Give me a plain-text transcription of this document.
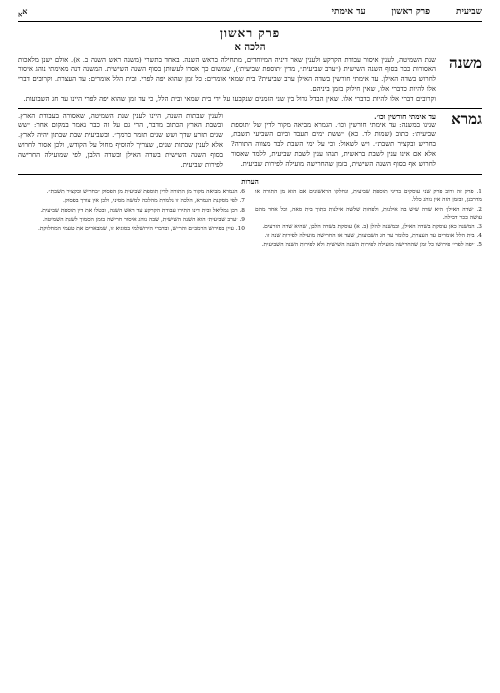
שביעית
פרק ראשון
עד אימתי
א$_א$
פרק ראשון
הלכה א
משנה

שנת השמיטה, לענין איסור עבודת הקרקע ולענין שאר דיניה המיוחדים, מתחילה בראש השנה. באחד בתשרי (משנה ראש השנה ב. א). אולם ישנן מלאכות האסורות כבר בסוף השנה השישית (״ערב שביעית״, מדין ׳תוספת שביעית׳), שמשום כך אסרו לעשותן בסוף השנה השישית. המשנה דנה מאימתי נוהג איסור לחרוש בשדה האילן. עד אימתי חורשין בשדה האילן ערב שביעית? בית שמאי אומרים: כל זמן שהוא יפה לפרי. ובית הלל אומרים: עד העצרת. וקרובים דברי אלו להיות כדברי אלו, שאין חילוק בזמן ביניהם.

וקרובים דברי אלו להיות כדברי אלו. שאין הבדל גדול בין שני הזמנים שנקבעו על ידי בית שמאי ובית הלל, כי עד זמן שהוא יפה לפרי היינו עד חג השבועות.

גמרא
עד אימתי חורשין וכו׳.

שנינו במשנה: עד אימתי חורשין וכו׳. הגמרא מביאה מקור לדין של ׳תוספת שביעית׳: כתוב (שמות לד. כא) ״ששת ימים תעבד וביום השביעי תשבת, בחריש ובקציר תשבת״. ויש לשאול: וכי על ימי השבת לבד מצווה התורה? אלא אם אינו ענין לשבת בראשית, תנהו ענין לשבת שביעית, ללמד שאסור לחרוש אף בסוף השנה השישית, בזמן שהחרישה מועילה לפירות שביעית.

ולענין שבתות השנה, היינו לענין שנת השמיטה, שאסורה בעבודת הארץ. ובשבת הארץ הכתוב מדבר, הרי גם על זה כבר נאמר במקום אחר: ״שש שנים תזרע שדך ושש שנים תזמר כרמך״. ובשביעית שבת שבתון יהיה לארץ. אלא לענין שבתות שנים, שצריך להוסיף מחול על הקודש, ולכן אסור לחרוש בסוף השנה השישית בשדה האילן ובשדה הלבן, לפי שמועילה החרישה לפירות שביעית.

הערות

1. פרק זה ורוב פרק שני עוסקים בדיני תוספת שביעית, ונחלקו הראשונים אם הוא מן התורה או מדרבנן, ובזמן הזה אין נוהג כלל.

2. ׳שדה האילן׳ היא שדה שיש בה אילנות, ולפחות שלשה אילנות בתוך בית סאה, וכל אחד מהם עושה ככר דבילה.

3. המשנה כאן עוסקת בשדה האילן, ובמשנה להלן (ב. א) עוסקת בשדה הלבן, שהיא שדה הזרעים.

4. בית הלל אומרים עד העצרת, כלומר עד חג השבועות, שעד אז החרישה מועילה לפירות שנה זו.

5. ׳יפה לפרי׳ פירושו כל זמן שהחרישה מועילה לפירות השנה השישית ולא לפירות השנה השביעית.

6. הגמרא מביאה מקור מן התורה לדין תוספת שביעית מן הפסוק ״בחריש ובקציר תשבת״.

7. לפי מסקנת הגמרא, הלכה זו נלמדת מהלכה למשה מסיני, ולכן אין צורך בפסוק.

8. רבן גמליאל ובית דינו התירו עבודת הקרקע עד ראש השנה, ובטלו את דין תוספת שביעית.

9. ׳ערב שביעית׳ הוא השנה השישית, שבה נוהג איסור חרישה בזמן הסמוך לשנת השמיטה.

10. עיין בפירוש הרמב״ם והר״ש, ובדברי הירושלמי בסוגיא זו, שמבארים את טעמי המחלוקת.
